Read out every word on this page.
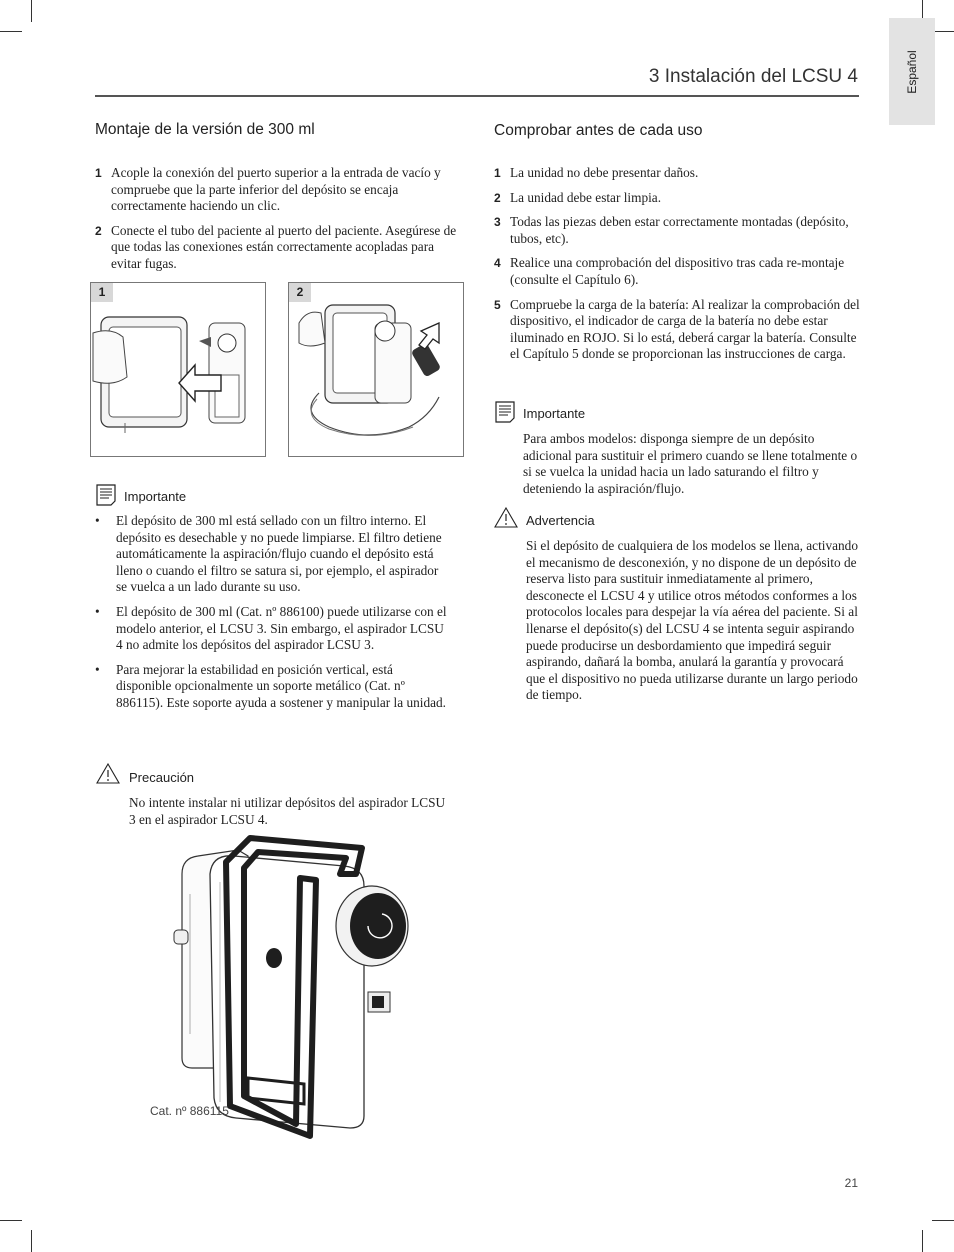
Español
3 Instalación del LCSU 4
Montaje de la versión de 300 ml
1 Acople la conexión del puerto superior a la entrada de vacío y compruebe que la parte inferior del depósito se encaja correctamente haciendo un clic.
2 Conecte el tubo del paciente al puerto del paciente. Asegúrese de que todas las conexiones están correctamente acopladas para evitar fugas.
1	2
Importante
• El depósito de 300 ml está sellado con un filtro interno. El depósito es desechable y no puede limpiarse. El filtro detiene automáticamente la aspiración/flujo cuando el depósito está lleno o cuando el filtro se satura si, por ejemplo, el aspirador se vuelca a un lado durante su uso.
• El depósito de 300 ml (Cat. nº 886100) puede utilizarse con el modelo anterior, el LCSU 3. Sin embargo, el aspirador LCSU 4 no admite los depósitos del aspirador LCSU 3.
• Para mejorar la estabilidad en posición vertical, está disponible opcionalmente un soporte metálico (Cat. nº 886115). Este soporte ayuda a sostener y manipular la unidad.
Precaución

No intente instalar ni utilizar depósitos del aspirador LCSU 3 en el aspirador LCSU 4.

Cat. nº 886115
Comprobar antes de cada uso
1 La unidad no debe presentar daños.
2 La unidad debe estar limpia.
3 Todas las piezas deben estar correctamente montadas (depósito, tubos, etc).
4 Realice una comprobación del dispositivo tras cada re-montaje (consulte el Capítulo 6).
5 Compruebe la carga de la batería: Al realizar la comprobación del dispositivo, el indicador de carga de la batería no debe estar iluminado en ROJO. Si lo está, deberá cargar la batería. Consulte el Capítulo 5 donde se proporcionan las instrucciones de carga.
Importante

Para ambos modelos: disponga siempre de un depósito adicional para sustituir el primero cuando se llene totalmente o si se vuelca la unidad hacia un lado saturando el filtro y deteniendo la aspiración/flujo.

Advertencia

Si el depósito de cualquiera de los modelos se llena, activando el mecanismo de desconexión, y no dispone de un depósito de reserva listo para sustituir inmediatamente al primero, desconecte el LCSU 4 y utilice otros métodos conformes a los protocolos locales para despejar la vía aérea del paciente. Si al llenarse el depósito(s) del LCSU 4 se intenta seguir aspirando puede producirse un desbordamiento que impedirá seguir aspirando, dañará la bomba, anulará la garantía y provocará que el dispositivo no pueda utilizarse durante un largo periodo de tiempo.

21
